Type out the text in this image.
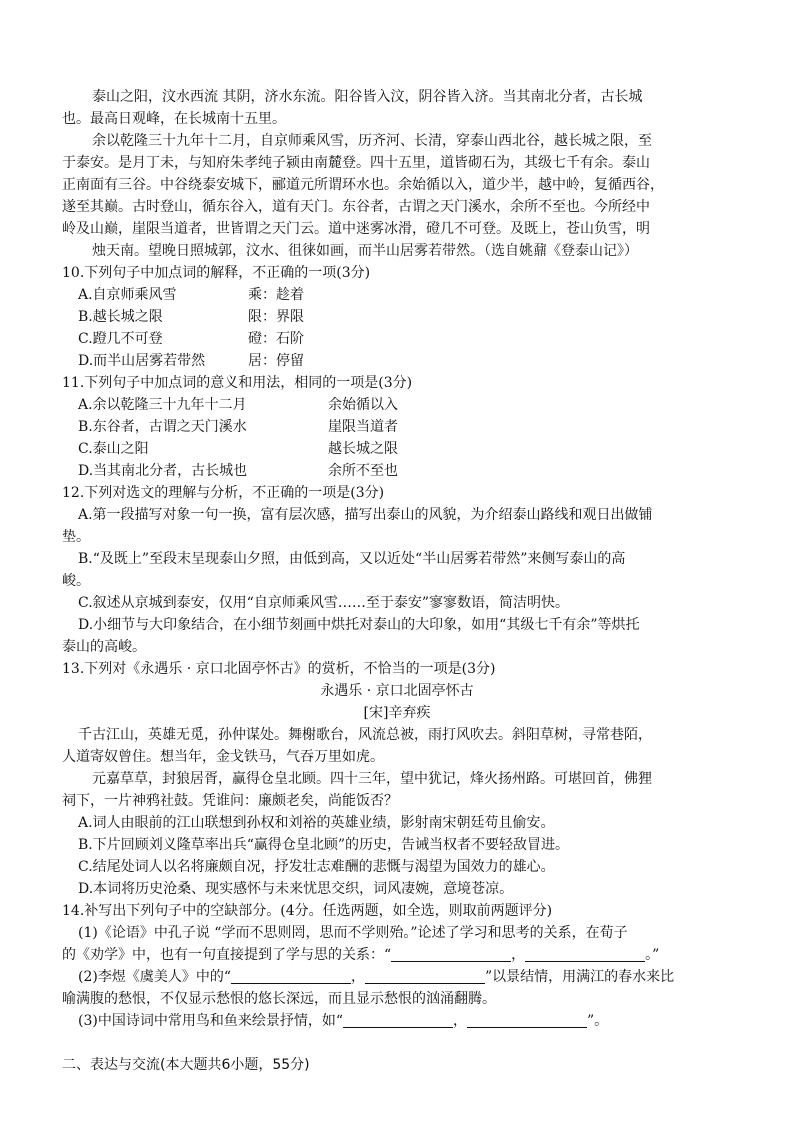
泰山之阳，汶水西流 其阴，济水东流。阳谷皆入汶，阴谷皆入济。当其南北分者，古长城
也。最高日观峰，在长城南十五里。
余以乾隆三十九年十二月，自京师乘风雪，历齐河、长清，穿泰山西北谷，越长城之限，至
于泰安。是月丁未，与知府朱孝纯子颍由南麓登。四十五里，道皆砌石为，其级七千有余。泰山
正南面有三谷。中谷绕泰安城下，郦道元所谓环水也。余始循以入，道少半，越中岭，复循西谷，
遂至其巅。古时登山，循东谷入，道有天门。东谷者，古谓之天门溪水，余所不至也。今所经中
岭及山巅，崖限当道者，世皆谓之天门云。道中迷雾冰滑，磴几不可登。及既上，苍山负雪，明
烛天南。望晚日照城郭，汶水、徂徕如画，而半山居雾若带然。（选自姚鼐《登泰山记》）
10.下列句子中加点词的解释，不正确的一项(3分)
A.自京师乘风雪	乘：趁着
B.越长城之限	限：界限
C.蹬几不可登	磴：石阶
D.而半山居雾若带然	居：停留
11.下列句子中加点词的意义和用法，相同的一项是(3分)
A.余以乾隆三十九年十二月	余始循以入
B.东谷者，古谓之天门溪水	崖限当道者
C.泰山之阳	越长城之限
D.当其南北分者，古长城也	余所不至也
12.下列对选文的理解与分析，不正确的一项是(3分)
A.第一段描写对象一句一换，富有层次感，描写出泰山的风貌，为介绍泰山路线和观日出做铺
垫。
B.“及既上”至段末呈现泰山夕照，由低到高，又以近处“半山居雾若带然”来侧写泰山的高
峻。
C.叙述从京城到泰安，仅用“自京师乘风雪……至于泰安”寥寥数语，简洁明快。
D.小细节与大印象结合，在小细节刻画中烘托对泰山的大印象，如用“其级七千有余”等烘托
泰山的高峻。
13.下列对《永遇乐 · 京口北固亭怀古》的赏析，不恰当的一项是(3分)
永遇乐 · 京口北固亭怀古
[宋]辛弃疾
千古江山，英雄无觅，孙仲谋处。舞榭歌台，风流总被，雨打风吹去。斜阳草树，寻常巷陌，
人道寄奴曾住。想当年，金戈铁马，气吞万里如虎。
元嘉草草，封狼居胥，赢得仓皇北顾。四十三年，望中犹记，烽火扬州路。可堪回首，佛狸
祠下，一片神鸦社鼓。凭谁问：廉颇老矣，尚能饭否？
A.词人由眼前的江山联想到孙权和刘裕的英雄业绩，影射南宋朝廷苟且偷安。
B.下片回顾刘义隆草率出兵“赢得仓皇北顾”的历史，告诫当权者不要轻敌冒进。
C.结尾处词人以名将廉颇自况，抒发壮志难酬的悲慨与渴望为国效力的雄心。
D.本词将历史沧桑、现实感怀与未来忧思交织，词风凄婉，意境苍凉。
14.补写出下列句子中的空缺部分。(4分。任选两题，如全选，则取前两题评分)
(1)《论语》中孔子说 “学而不思则罔，思而不学则殆。”论述了学习和思考的关系，在荀子
的《劝学》中，也有一句直接提到了学与思的关系：“	，	。”
(2)李煜《虞美人》中的“	，	”以景结情，用满江的春水来比
喻满腹的愁恨，不仅显示愁恨的悠长深远，而且显示愁恨的汹涌翻腾。
(3)中国诗词中常用鸟和鱼来绘景抒情，如“	，	”。
二、表达与交流(本大题共6小题，55分)
